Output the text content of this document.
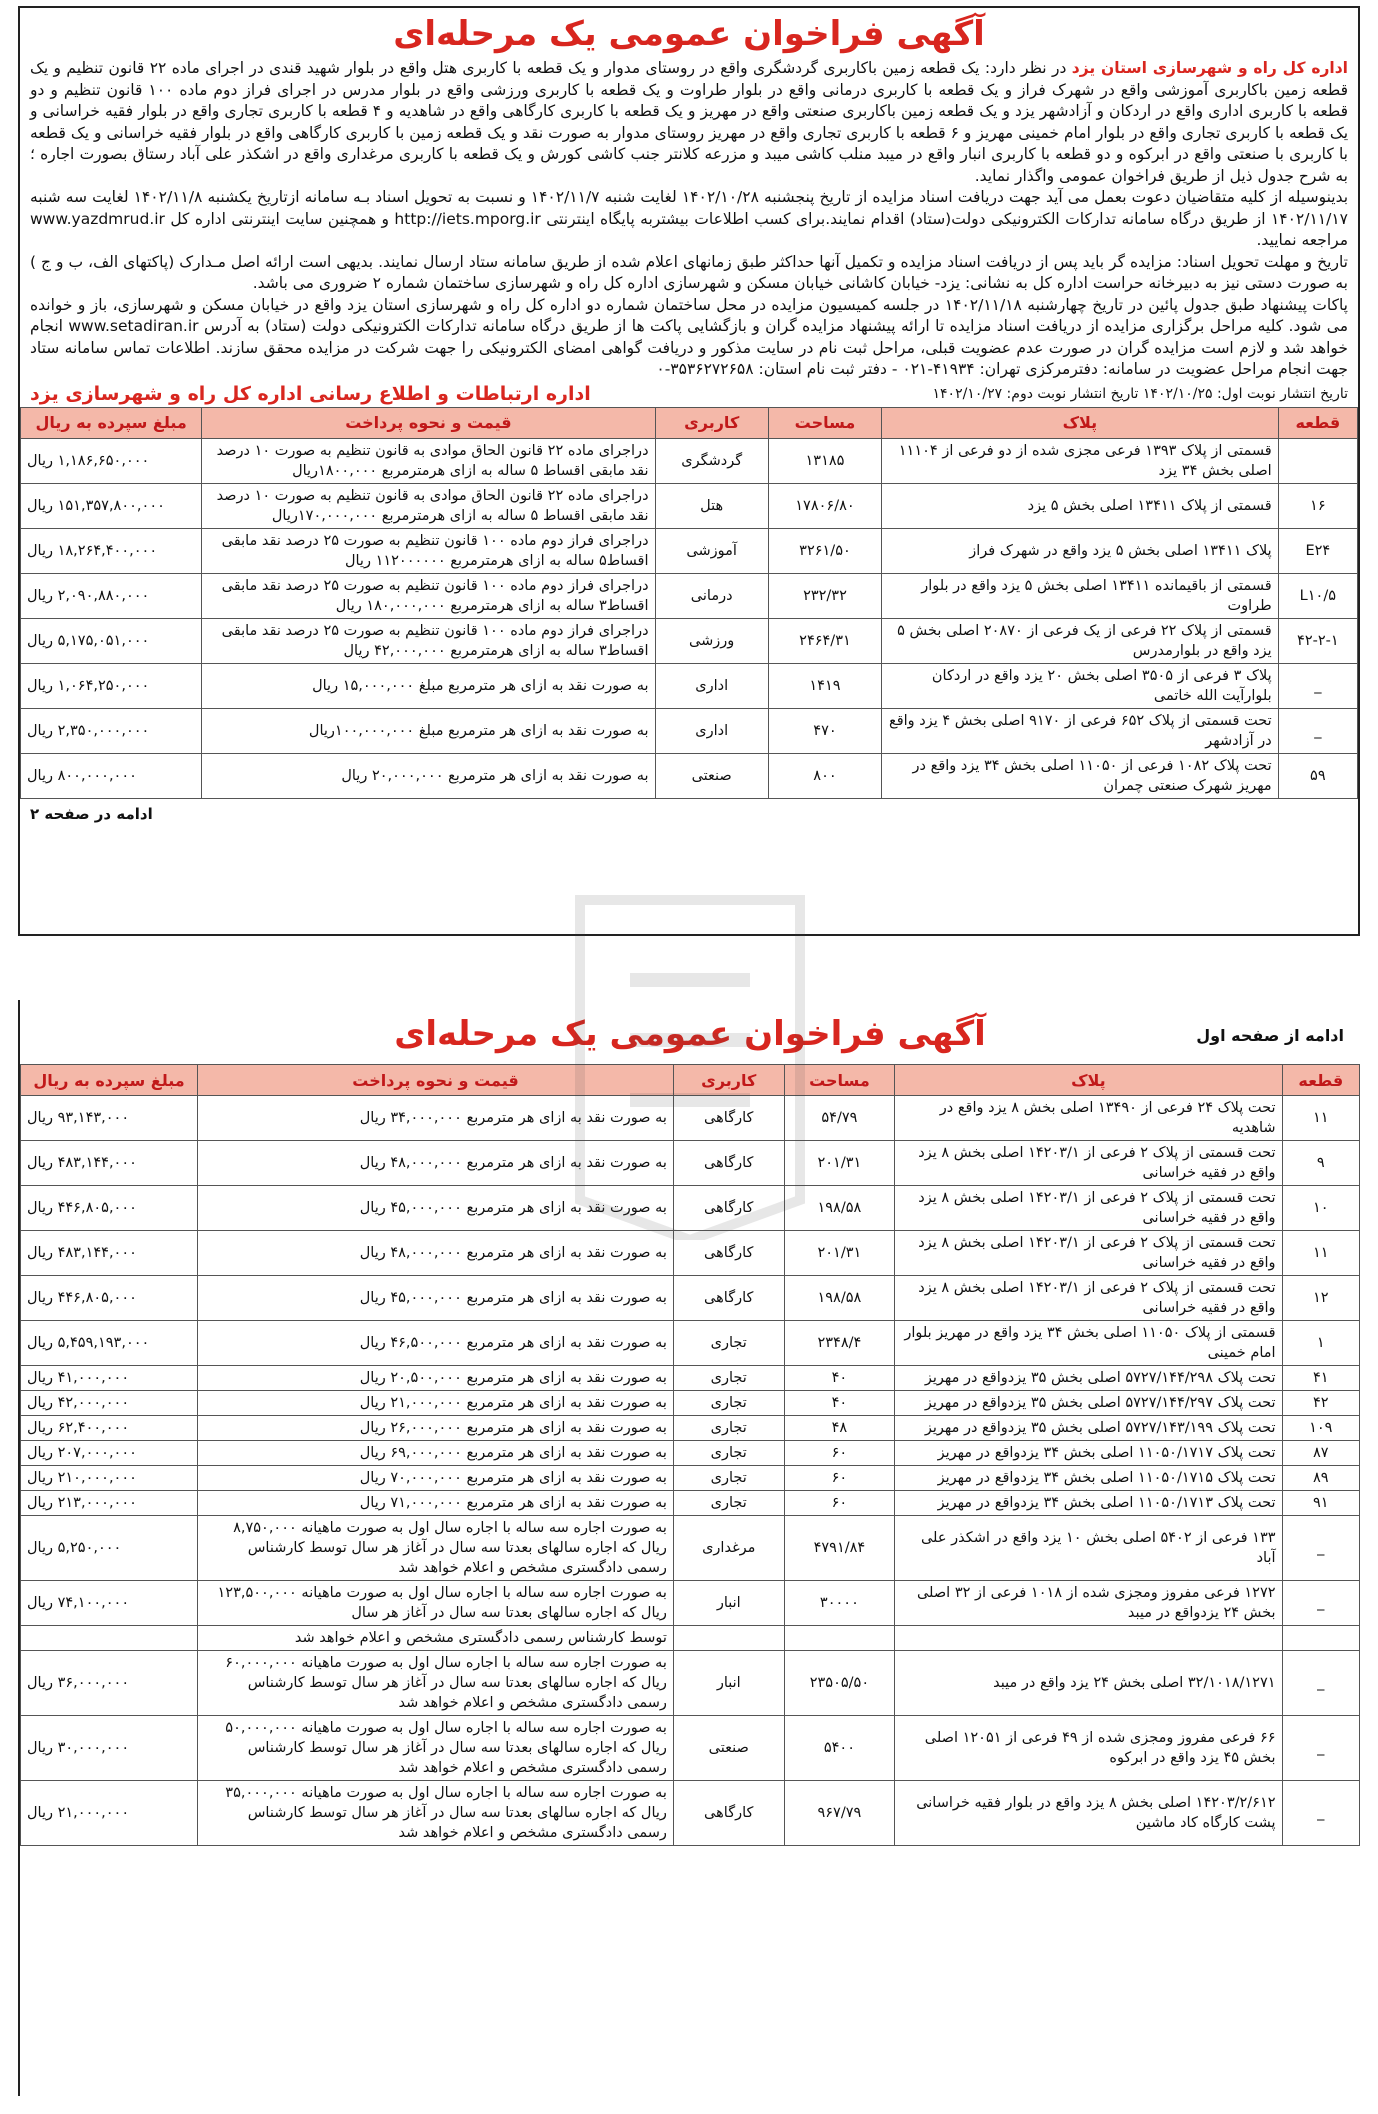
آگهی فراخوان عمومی یک مرحله‌ای

اداره کل راه و شهرسازی استان یزد در نظر دارد: یک قطعه زمین باکاربری گردشگری واقع در روستای مدوار و یک قطعه با کاربری هتل واقع در بلوار شهید قندی در اجرای ماده ۲۲ قانون تنظیم و یک قطعه زمین باکاربری آموزشی واقع در شهرک فراز و یک قطعه با کاربری درمانی واقع در بلوار طراوت و یک قطعه با کاربری ورزشی واقع در بلوار مدرس در اجرای فراز دوم ماده ۱۰۰ قانون تنظیم و دو قطعه با کاربری اداری واقع در اردکان و آزادشهر یزد و یک قطعه زمین باکاربری صنعتی واقع در مهریز و یک قطعه با کاربری کارگاهی واقع در شاهدیه و ۴ قطعه با کاربری تجاری واقع در بلوار فقیه خراسانی و یک قطعه با کاربری تجاری واقع در بلوار امام خمینی مهریز و ۶ قطعه با کاربری تجاری واقع در مهریز روستای مدوار به صورت نقد و یک قطعه زمین با کاربری کارگاهی واقع در بلوار فقیه خراسانی و یک قطعه با کاربری با صنعتی واقع در ابرکوه و دو قطعه با کاربری انبار واقع در میبد منلب کاشی میبد و مزرعه کلانتر جنب کاشی کورش و یک قطعه با کاربری مرغداری واقع در اشکذر علی آباد رستاق بصورت اجاره ؛ به شرح جدول ذیل از طریق فراخوان عمومی واگذار نماید.

بدینوسیله از کلیه متقاضیان دعوت بعمل می آید جهت دریافت اسناد مزایده از تاریخ پنجشنبه ۱۴۰۲/۱۰/۲۸ لغایت شنبه ۱۴۰۲/۱۱/۷ و نسبت به تحویل اسناد بـه سامانه ازتاریخ یکشنبه ۱۴۰۲/۱۱/۸ لغایت سه شنبه ۱۴۰۲/۱۱/۱۷ از طریق درگاه سامانه تدارکات الکترونیکی دولت(ستاد) اقدام نمایند.برای کسب اطلاعات بیشتربه پایگاه اینترنتی http://iets.mporg.ir و همچنین سایت اینترنتی اداره کل www.yazdmrud.ir مراجعه نمایید.

تاریخ و مهلت تحویل اسناد: مزایده گر باید پس از دریافت اسناد مزایده و تکمیل آنها حداکثر طبق زمانهای اعلام شده از طریق سامانه ستاد ارسال نمایند. بدیهی است ارائه اصل مـدارک (پاکتهای الف، ب و ج ) به صورت دستی نیز به دبیرخانه حراست اداره کل به نشانی: یزد- خیابان کاشانی خیابان مسکن و شهرسازی اداره کل راه و شهرسازی ساختمان شماره ۲ ضروری می باشد.

پاکات پیشنهاد طبق جدول پائین در تاریخ چهارشنبه ۱۴۰۲/۱۱/۱۸ در جلسه کمیسیون مزایده در محل ساختمان شماره دو اداره کل راه و شهرسازی استان یزد واقع در خیابان مسکن و شهرسازی، باز و خوانده می شود. کلیه مراحل برگزاری مزایده از دریافت اسناد مزایده تا ارائه پیشنهاد مزایده گران و بازگشایی پاکت ها از طریق درگاه سامانه تدارکات الکترونیکی دولت (ستاد) به آدرس www.setadiran.ir انجام خواهد شد و لازم است مزایده گران در صورت عدم عضویت قبلی، مراحل ثبت نام در سایت مذکور و دریافت گواهی امضای الکترونیکی را جهت شرکت در مزایده محقق سازند. اطلاعات تماس سامانه ستاد جهت انجام مراحل عضویت در سامانه: دفترمرکزی تهران: ۴۱۹۳۴-۰۲۱ - دفتر ثبت نام استان: ۳۵۳۶۲۷۲۶۵۸-۰

تاریخ انتشار نوبت اول: ۱۴۰۲/۱۰/۲۵ تاریخ انتشار نوبت دوم: ۱۴۰۲/۱۰/۲۷
اداره ارتباطات و اطلاع رسانی اداره کل راه و شهرسازی یزد
قطعه	پلاک	مساحت	کاربری	قیمت و نحوه پرداخت	مبلغ سپرده به ریال
	قسمتی از پلاک ۱۳۹۳ فرعی مجزی شده از دو فرعی از ۱۱۱۰۴ اصلی بخش ۳۴ یزد	۱۳۱۸۵	گردشگری	دراجرای ماده ۲۲ قانون الحاق موادی به قانون تنظیم به صورت ۱۰ درصد نقد مابقی اقساط ۵ ساله به ازای هرمترمربع ۱۸۰۰,۰۰۰ریال	۱,۱۸۶,۶۵۰,۰۰۰ ریال
۱۶	قسمتی از پلاک ۱۳۴۱۱ اصلی بخش ۵ یزد	۱۷۸۰۶/۸۰	هتل	دراجرای ماده ۲۲ قانون الحاق موادی به قانون تنظیم به صورت ۱۰ درصد نقد مابقی اقساط ۵ ساله به ازای هرمترمربع ۱۷۰,۰۰۰,۰۰۰ریال	۱۵۱,۳۵۷,۸۰۰,۰۰۰ ریال
E۲۴	پلاک ۱۳۴۱۱ اصلی بخش ۵ یزد واقع در شهرک فراز	۳۲۶۱/۵۰	آموزشی	دراجرای فراز دوم ماده ۱۰۰ قانون تنظیم به صورت ۲۵ درصد نقد مابقی اقساط۵ ساله به ازای هرمترمربع ۱۱۲۰۰۰۰۰۰ ریال	۱۸,۲۶۴,۴۰۰,۰۰۰ ریال
L۱۰/۵	قسمتی از باقیمانده ۱۳۴۱۱ اصلی بخش ۵ یزد واقع در بلوار طراوت	۲۳۲/۳۲	درمانی	دراجرای فراز دوم ماده ۱۰۰ قانون تنظیم به صورت ۲۵ درصد نقد مابقی اقساط۳ ساله به ازای هرمترمربع ۱۸۰,۰۰۰,۰۰۰ ریال	۲,۰۹۰,۸۸۰,۰۰۰ ریال
۴۲-۲-۱	قسمتی از پلاک ۲۲ فرعی از یک فرعی از ۲۰۸۷۰ اصلی بخش ۵ یزد واقع در بلوارمدرس	۲۴۶۴/۳۱	ورزشی	دراجرای فراز دوم ماده ۱۰۰ قانون تنظیم به صورت ۲۵ درصد نقد مابقی اقساط۳ ساله به ازای هرمترمربع ۴۲,۰۰۰,۰۰۰ ریال	۵,۱۷۵,۰۵۱,۰۰۰ ریال
_	پلاک ۳ فرعی از ۳۵۰۵ اصلی بخش ۲۰ یزد واقع در اردکان بلوارآیت الله خاتمی	۱۴۱۹	اداری	به صورت نقد به ازای هر مترمربع مبلغ ۱۵,۰۰۰,۰۰۰ ریال	۱,۰۶۴,۲۵۰,۰۰۰ ریال
_	تحت قسمتی از پلاک ۶۵۲ فرعی از ۹۱۷۰ اصلی بخش ۴ یزد واقع در آزادشهر	۴۷۰	اداری	به صورت نقد به ازای هر مترمربع مبلغ ۱۰۰,۰۰۰,۰۰۰ریال	۲,۳۵۰,۰۰۰,۰۰۰ ریال
۵۹	تحت پلاک ۱۰۸۲ فرعی از ۱۱۰۵۰ اصلی بخش ۳۴ یزد واقع در مهریز شهرک صنعتی چمران	۸۰۰	صنعتی	به صورت نقد به ازای هر مترمربع ۲۰,۰۰۰,۰۰۰ ریال	۸۰۰,۰۰۰,۰۰۰ ریال
ادامه در صفحه ۲
آگهی فراخوان عمومی یک مرحله‌ای	ادامه از صفحه اول
قطعه	پلاک	مساحت	کاربری	قیمت و نحوه پرداخت	مبلغ سپرده به ریال
۱۱	تحت پلاک ۲۴ فرعی از ۱۳۴۹۰ اصلی بخش ۸ یزد واقع در شاهدیه	۵۴/۷۹	کارگاهی	به صورت نقد به ازای هر مترمربع ۳۴,۰۰۰,۰۰۰ ریال	۹۳,۱۴۳,۰۰۰ ریال
۹	تحت قسمتی از پلاک ۲ فرعی از ۱۴۲۰۳/۱ اصلی بخش ۸ یزد واقع در فقیه خراسانی	۲۰۱/۳۱	کارگاهی	به صورت نقد به ازای هر مترمربع ۴۸,۰۰۰,۰۰۰ ریال	۴۸۳,۱۴۴,۰۰۰ ریال
۱۰	تحت قسمتی از پلاک ۲ فرعی از ۱۴۲۰۳/۱ اصلی بخش ۸ یزد واقع در فقیه خراسانی	۱۹۸/۵۸	کارگاهی	به صورت نقد به ازای هر مترمربع ۴۵,۰۰۰,۰۰۰ ریال	۴۴۶,۸۰۵,۰۰۰ ریال
۱۱	تحت قسمتی از پلاک ۲ فرعی از ۱۴۲۰۳/۱ اصلی بخش ۸ یزد واقع در فقیه خراسانی	۲۰۱/۳۱	کارگاهی	به صورت نقد به ازای هر مترمربع ۴۸,۰۰۰,۰۰۰ ریال	۴۸۳,۱۴۴,۰۰۰ ریال
۱۲	تحت قسمتی از پلاک ۲ فرعی از ۱۴۲۰۳/۱ اصلی بخش ۸ یزد واقع در فقیه خراسانی	۱۹۸/۵۸	کارگاهی	به صورت نقد به ازای هر مترمربع ۴۵,۰۰۰,۰۰۰ ریال	۴۴۶,۸۰۵,۰۰۰ ریال
۱	قسمتی از پلاک ۱۱۰۵۰ اصلی بخش ۳۴ یزد واقع در مهریز بلوار امام خمینی	۲۳۴۸/۴	تجاری	به صورت نقد به ازای هر مترمربع ۴۶,۵۰۰,۰۰۰ ریال	۵,۴۵۹,۱۹۳,۰۰۰ ریال
۴۱	تحت پلاک ۵۷۲۷/۱۴۴/۲۹۸ اصلی بخش ۳۵ یزدواقع در مهریز	۴۰	تجاری	به صورت نقد به ازای هر مترمربع ۲۰,۵۰۰,۰۰۰ ریال	۴۱,۰۰۰,۰۰۰ ریال
۴۲	تحت پلاک ۵۷۲۷/۱۴۴/۲۹۷ اصلی بخش ۳۵ یزدواقع در مهریز	۴۰	تجاری	به صورت نقد به ازای هر مترمربع ۲۱,۰۰۰,۰۰۰ ریال	۴۲,۰۰۰,۰۰۰ ریال
۱۰۹	تحت پلاک ۵۷۲۷/۱۴۳/۱۹۹ اصلی بخش ۳۵ یزدواقع در مهریز	۴۸	تجاری	به صورت نقد به ازای هر مترمربع ۲۶,۰۰۰,۰۰۰ ریال	۶۲,۴۰۰,۰۰۰ ریال
۸۷	تحت پلاک ۱۱۰۵۰/۱۷۱۷ اصلی بخش ۳۴ یزدواقع در مهریز	۶۰	تجاری	به صورت نقد به ازای هر مترمربع ۶۹,۰۰۰,۰۰۰ ریال	۲۰۷,۰۰۰,۰۰۰ ریال
۸۹	تحت پلاک ۱۱۰۵۰/۱۷۱۵ اصلی بخش ۳۴ یزدواقع در مهریز	۶۰	تجاری	به صورت نقد به ازای هر مترمربع ۷۰,۰۰۰,۰۰۰ ریال	۲۱۰,۰۰۰,۰۰۰ ریال
۹۱	تحت پلاک ۱۱۰۵۰/۱۷۱۳ اصلی بخش ۳۴ یزدواقع در مهریز	۶۰	تجاری	به صورت نقد به ازای هر مترمربع ۷۱,۰۰۰,۰۰۰ ریال	۲۱۳,۰۰۰,۰۰۰ ریال
_	۱۳۳ فرعی از ۵۴۰۲ اصلی بخش ۱۰ یزد واقع در اشکذر علی آباد	۴۷۹۱/۸۴	مرغداری	به صورت اجاره سه ساله با اجاره سال اول به صورت ماهیانه ۸,۷۵۰,۰۰۰ ریال که اجاره سالهای بعدتا سه سال در آغاز هر سال توسط کارشناس رسمی دادگستری مشخص و اعلام خواهد شد	۵,۲۵۰,۰۰۰ ریال
_	۱۲۷۲ فرعی مفروز ومجزی شده از ۱۰۱۸ فرعی از ۳۲ اصلی بخش ۲۴ یزدواقع در میبد	۳۰۰۰۰	انبار	به صورت اجاره سه ساله با اجاره سال اول به صورت ماهیانه ۱۲۳,۵۰۰,۰۰۰ ریال که اجاره سالهای بعدتا سه سال در آغاز هر سال	۷۴,۱۰۰,۰۰۰ ریال
				توسط کارشناس رسمی دادگستری مشخص و اعلام خواهد شد	
_	۳۲/۱۰۱۸/۱۲۷۱ اصلی بخش ۲۴ یزد واقع در میبد	۲۳۵۰۵/۵۰	انبار	به صورت اجاره سه ساله با اجاره سال اول به صورت ماهیانه ۶۰,۰۰۰,۰۰۰ ریال که اجاره سالهای بعدتا سه سال در آغاز هر سال توسط کارشناس رسمی دادگستری مشخص و اعلام خواهد شد	۳۶,۰۰۰,۰۰۰ ریال
_	۶۶ فرعی مفروز ومجزی شده از ۴۹ فرعی از ۱۲۰۵۱ اصلی بخش ۴۵ یزد واقع در ابرکوه	۵۴۰۰	صنعتی	به صورت اجاره سه ساله با اجاره سال اول به صورت ماهیانه ۵۰,۰۰۰,۰۰۰ ریال که اجاره سالهای بعدتا سه سال در آغاز هر سال توسط کارشناس رسمی دادگستری مشخص و اعلام خواهد شد	۳۰,۰۰۰,۰۰۰ ریال
_	۱۴۲۰۳/۲/۶۱۲ اصلی بخش ۸ یزد واقع در بلوار فقیه خراسانی پشت کارگاه کاد ماشین	۹۶۷/۷۹	کارگاهی	به صورت اجاره سه ساله با اجاره سال اول به صورت ماهیانه ۳۵,۰۰۰,۰۰۰ ریال که اجاره سالهای بعدتا سه سال در آغاز هر سال توسط کارشناس رسمی دادگستری مشخص و اعلام خواهد شد	۲۱,۰۰۰,۰۰۰ ریال
